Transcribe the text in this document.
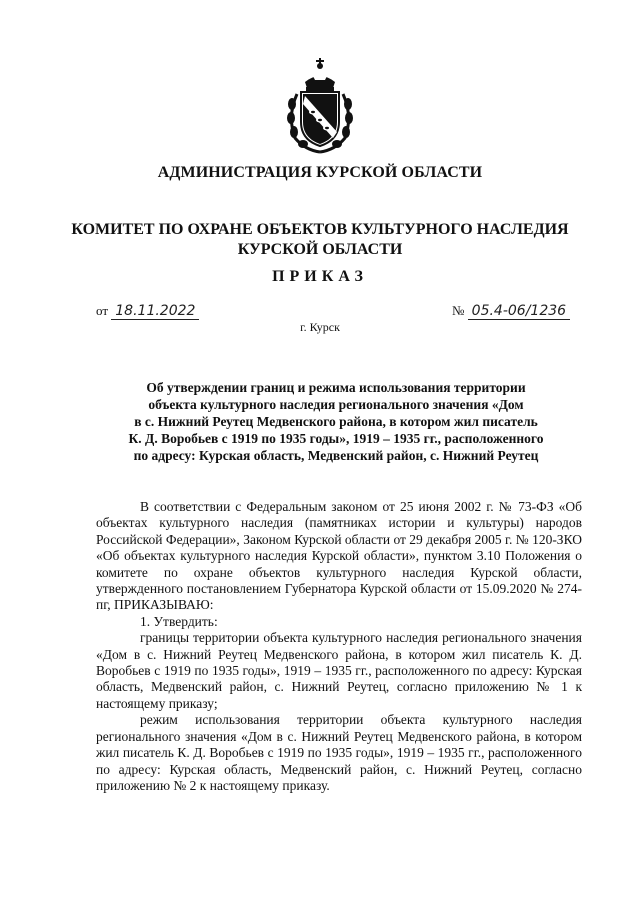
АДМИНИСТРАЦИЯ КУРСКОЙ ОБЛАСТИ
КОМИТЕТ ПО ОХРАНЕ ОБЪЕКТОВ КУЛЬТУРНОГО НАСЛЕДИЯ
КУРСКОЙ ОБЛАСТИ
ПРИКАЗ
от 18.11.2022	№ 05.4-06/1236
г. Курск
Об утверждении границ и режима использования территории
объекта культурного наследия регионального значения «Дом
в с. Нижний Реутец Медвенского района, в котором жил писатель
К. Д. Воробьев с 1919 по 1935 годы», 1919 – 1935 гг., расположенного
по адресу: Курская область, Медвенский район, с. Нижний Реутец

В соответствии с Федеральным законом от 25 июня 2002 г. № 73-ФЗ «Об объектах культурного наследия (памятниках истории и культуры) народов Российской Федерации», Законом Курской области от 29 декабря 2005 г. № 120-ЗКО «Об объектах культурного наследия Курской области», пунктом 3.10 Положения о комитете по охране объектов культурного наследия Курской области, утвержденного постановлением Губернатора Курской области от 15.09.2020 № 274-пг, ПРИКАЗЫВАЮ:

1. Утвердить:

границы территории объекта культурного наследия регионального значения «Дом в с. Нижний Реутец Медвенского района, в котором жил писатель К. Д. Воробьев с 1919 по 1935 годы», 1919 – 1935 гг., расположенного по адресу: Курская область, Медвенский район, с. Нижний Реутец, согласно приложению № 1 к настоящему приказу;

режим использования территории объекта культурного наследия регионального значения «Дом в с. Нижний Реутец Медвенского района, в котором жил писатель К. Д. Воробьев с 1919 по 1935 годы», 1919 – 1935 гг., расположенного по адресу: Курская область, Медвенский район, с. Нижний Реутец, согласно приложению № 2 к настоящему приказу.
